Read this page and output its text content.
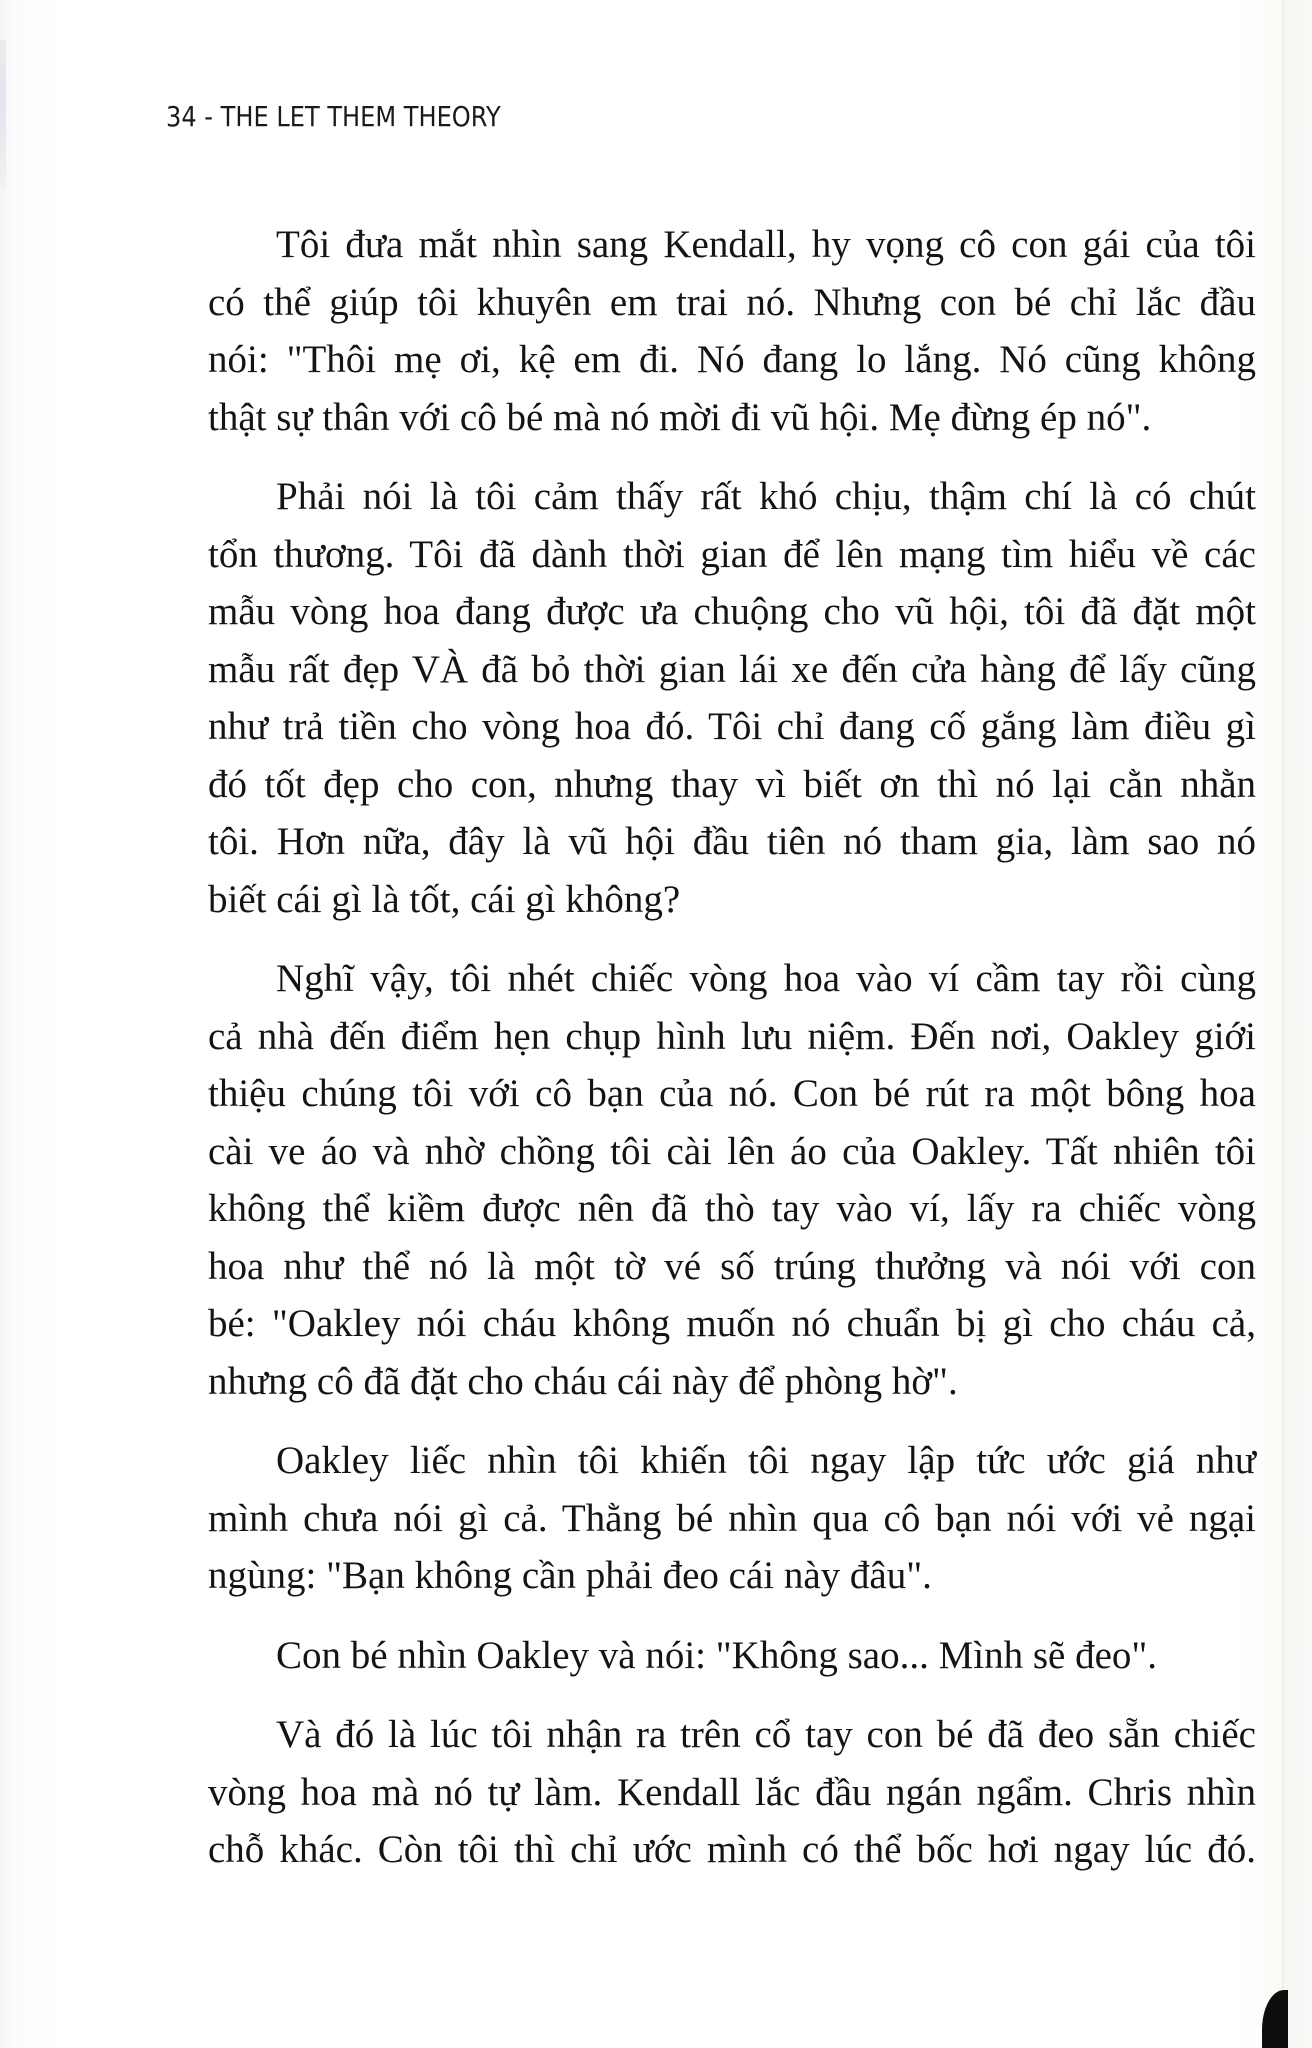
34 - THE LET THEM THEORY

Tôi đưa mắt nhìn sang Kendall, hy vọng cô con gái của tôi
có thể giúp tôi khuyên em trai nó. Nhưng con bé chỉ lắc đầu
nói: "Thôi mẹ ơi, kệ em đi. Nó đang lo lắng. Nó cũng không
thật sự thân với cô bé mà nó mời đi vũ hội. Mẹ đừng ép nó".

Phải nói là tôi cảm thấy rất khó chịu, thậm chí là có chút
tổn thương. Tôi đã dành thời gian để lên mạng tìm hiểu về các
mẫu vòng hoa đang được ưa chuộng cho vũ hội, tôi đã đặt một
mẫu rất đẹp VÀ đã bỏ thời gian lái xe đến cửa hàng để lấy cũng
như trả tiền cho vòng hoa đó. Tôi chỉ đang cố gắng làm điều gì
đó tốt đẹp cho con, nhưng thay vì biết ơn thì nó lại cằn nhằn
tôi. Hơn nữa, đây là vũ hội đầu tiên nó tham gia, làm sao nó
biết cái gì là tốt, cái gì không?

Nghĩ vậy, tôi nhét chiếc vòng hoa vào ví cầm tay rồi cùng
cả nhà đến điểm hẹn chụp hình lưu niệm. Đến nơi, Oakley giới
thiệu chúng tôi với cô bạn của nó. Con bé rút ra một bông hoa
cài ve áo và nhờ chồng tôi cài lên áo của Oakley. Tất nhiên tôi
không thể kiềm được nên đã thò tay vào ví, lấy ra chiếc vòng
hoa như thể nó là một tờ vé số trúng thưởng và nói với con
bé: "Oakley nói cháu không muốn nó chuẩn bị gì cho cháu cả,
nhưng cô đã đặt cho cháu cái này để phòng hờ".

Oakley liếc nhìn tôi khiến tôi ngay lập tức ước giá như
mình chưa nói gì cả. Thằng bé nhìn qua cô bạn nói với vẻ ngại
ngùng: "Bạn không cần phải đeo cái này đâu".

Con bé nhìn Oakley và nói: "Không sao... Mình sẽ đeo".

Và đó là lúc tôi nhận ra trên cổ tay con bé đã đeo sẵn chiếc
vòng hoa mà nó tự làm. Kendall lắc đầu ngán ngẩm. Chris nhìn
chỗ khác. Còn tôi thì chỉ ước mình có thể bốc hơi ngay lúc đó.
